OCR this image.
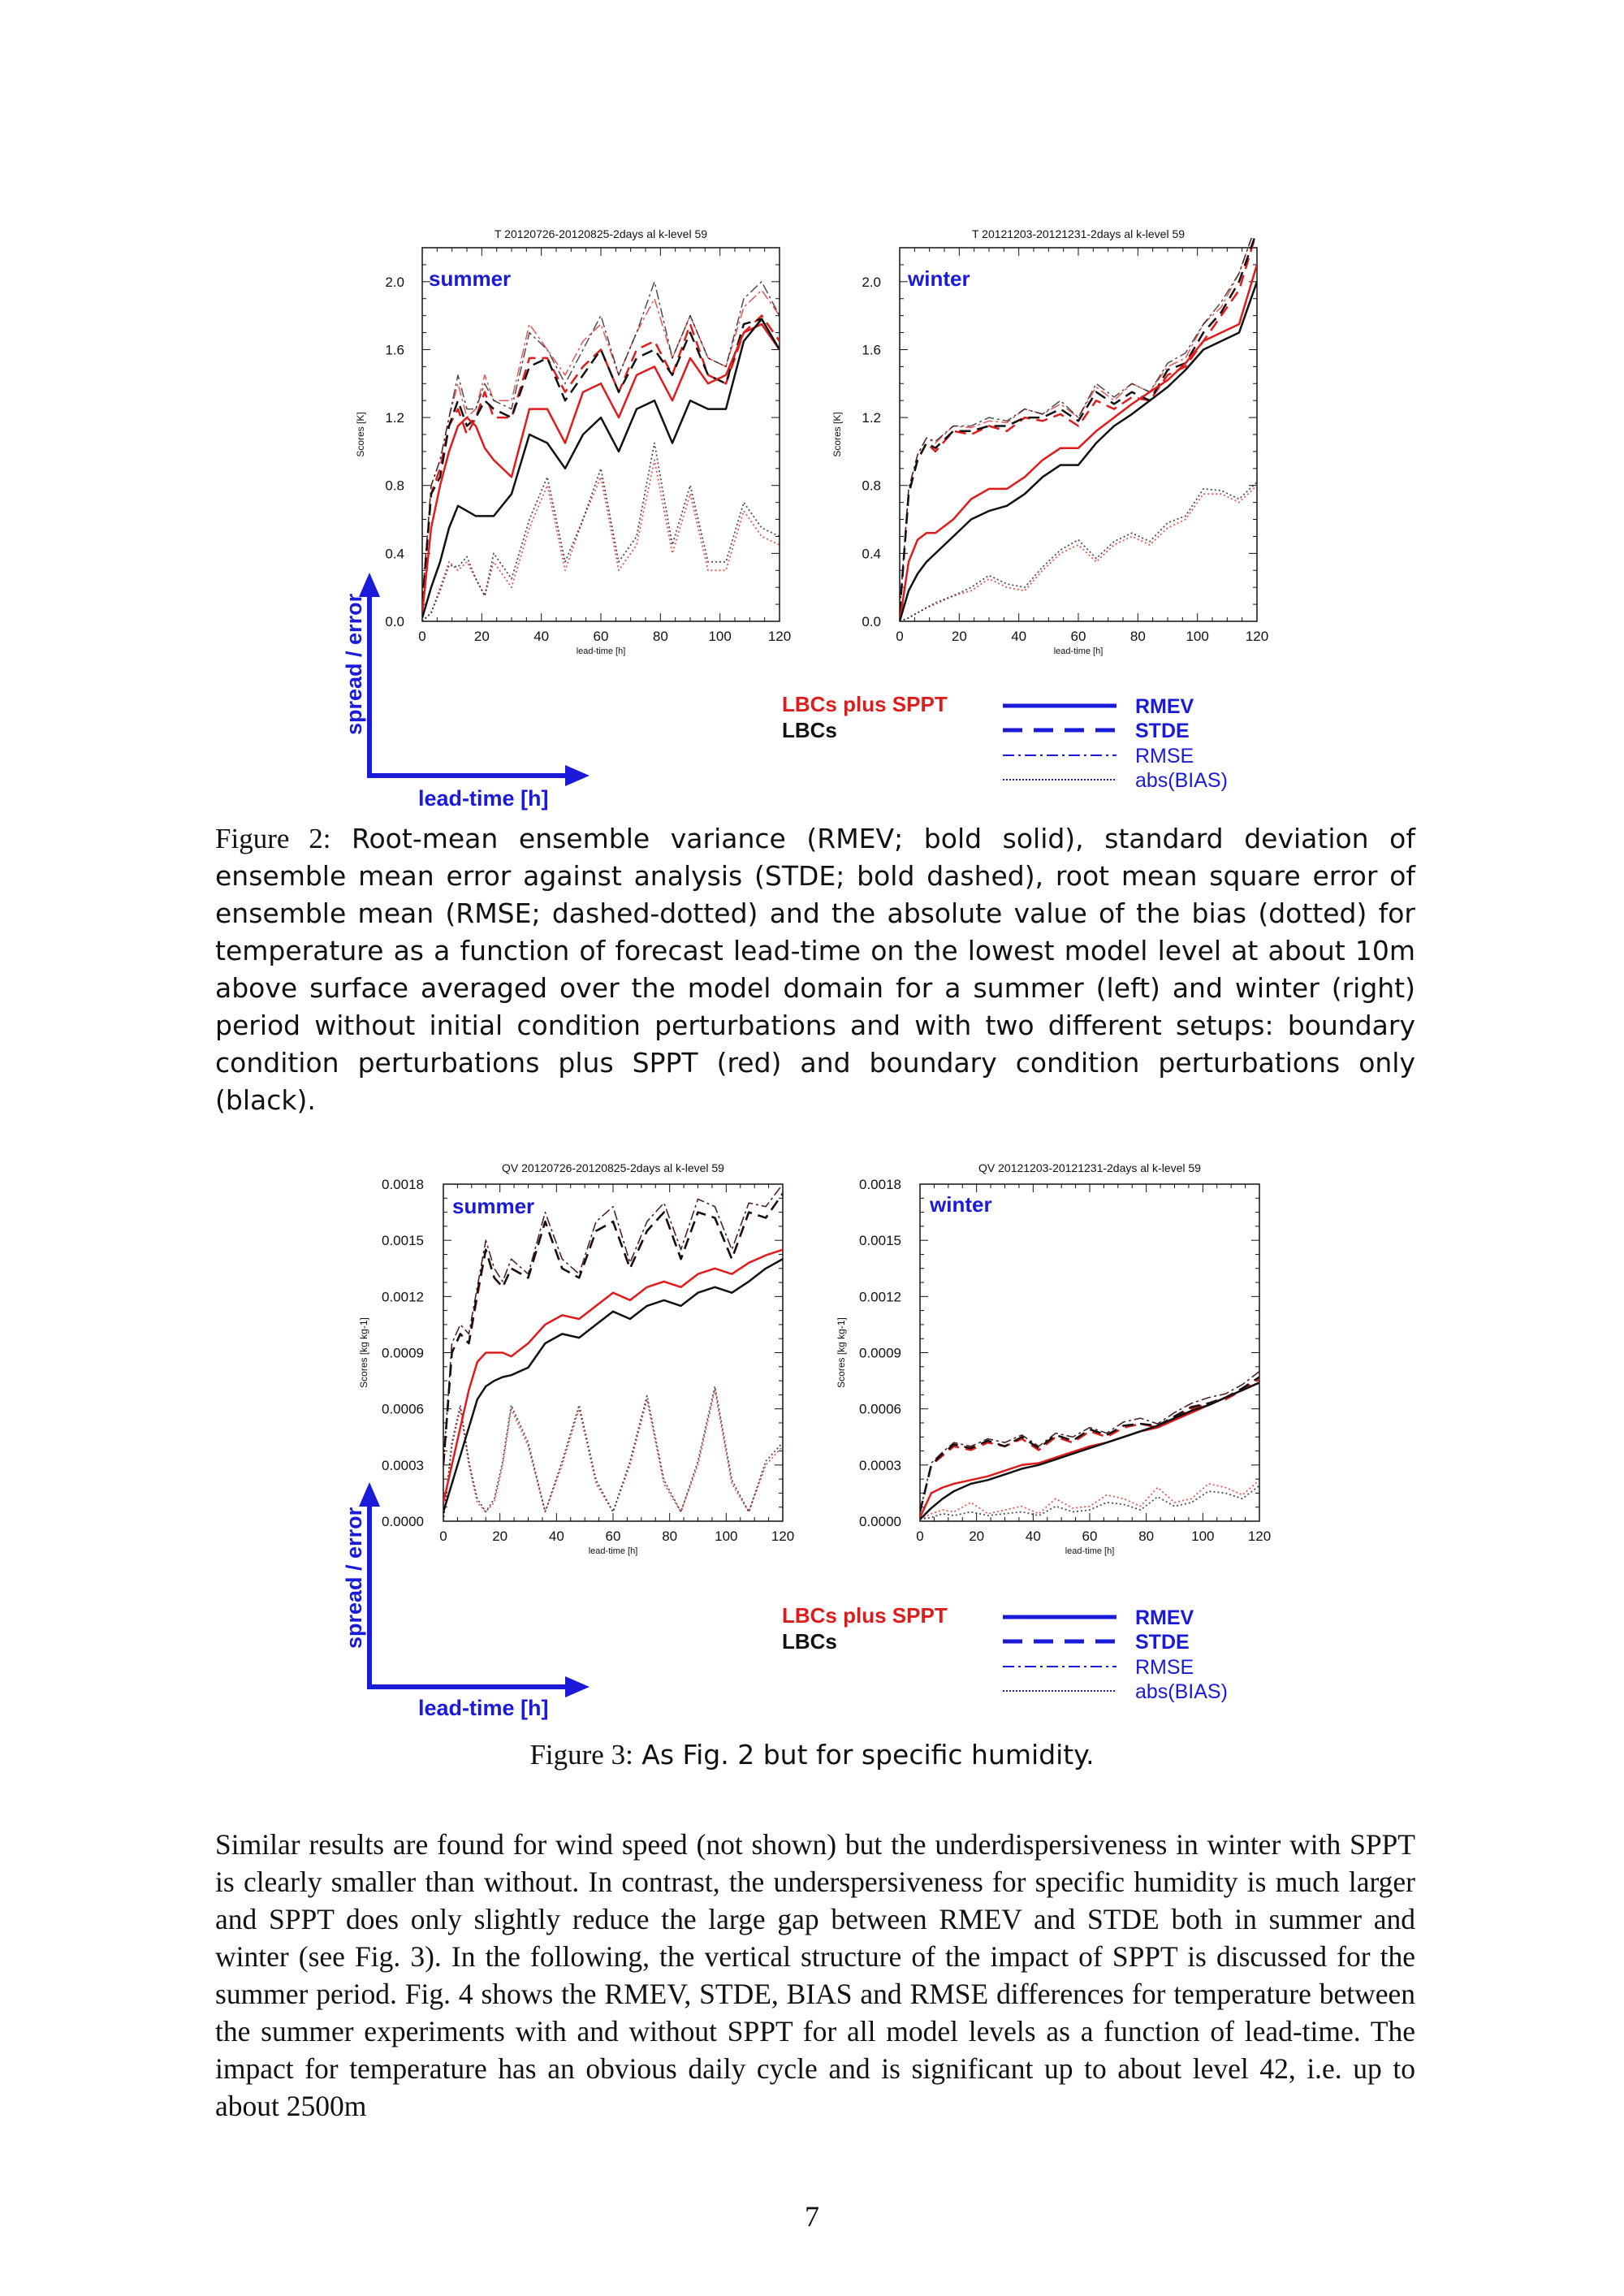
T 20120726-20120825-2days al k-level 59
0	20	40	60	80	100	120
lead-time [h]
0.0
0.4
0.8
1.2
1.6
2.0
Scores [K]
summer
T 20121203-20121231-2days al k-level 59
0	20	40	60	80	100	120
lead-time [h]
0.0
0.4
0.8
1.2
1.6
2.0
Scores [K]
winter
spread / error
lead-time [h]
LBCs plus SPPT
LBCs
RMEV
STDE
RMSE
abs(BIAS)

Figure 2: Root-mean ensemble variance (RMEV; bold solid), standard deviation of ensemble mean error against analysis (STDE; bold dashed), root mean square error of ensemble mean (RMSE; dashed-dotted) and the absolute value of the bias (dotted) for temperature as a function of forecast lead-time on the lowest model level at about 10m above surface averaged over the model domain for a summer (left) and winter (right) period without initial condition perturbations and with two different setups: boundary condition perturbations plus SPPT (red) and boundary condition perturbations only (black).

QV 20120726-20120825-2days al k-level 59
0	20	40	60	80	100 120
lead-time [h]
0.0000
0.0003
0.0006
0.0009
0.0012
0.0015
0.0018
Scores [kg kg-1]
summer
QV 20121203-20121231-2days al k-level 59
0	20	40	60	80	100 120
lead-time [h]
0.0000
0.0003
0.0006
0.0009
0.0012
0.0015
0.0018
Scores [kg kg-1]
winter
spread / error
lead-time [h]
LBCs plus SPPT
LBCs
RMEV
STDE
RMSE
abs(BIAS)

Figure 3: As Fig. 2 but for specific humidity.

Similar results are found for wind speed (not shown) but the underdispersiveness in winter with SPPT is clearly smaller than without. In contrast, the underspersiveness for specific humidity is much larger and SPPT does only slightly reduce the large gap between RMEV and STDE both in summer and winter (see Fig. 3). In the following, the vertical structure of the impact of SPPT is discussed for the summer period. Fig. 4 shows the RMEV, STDE, BIAS and RMSE differences for temperature between the summer experiments with and without SPPT for all model levels as a function of lead-time. The impact for temperature has an obvious daily cycle and is significant up to about level 42, i.e. up to about 2500m

7
